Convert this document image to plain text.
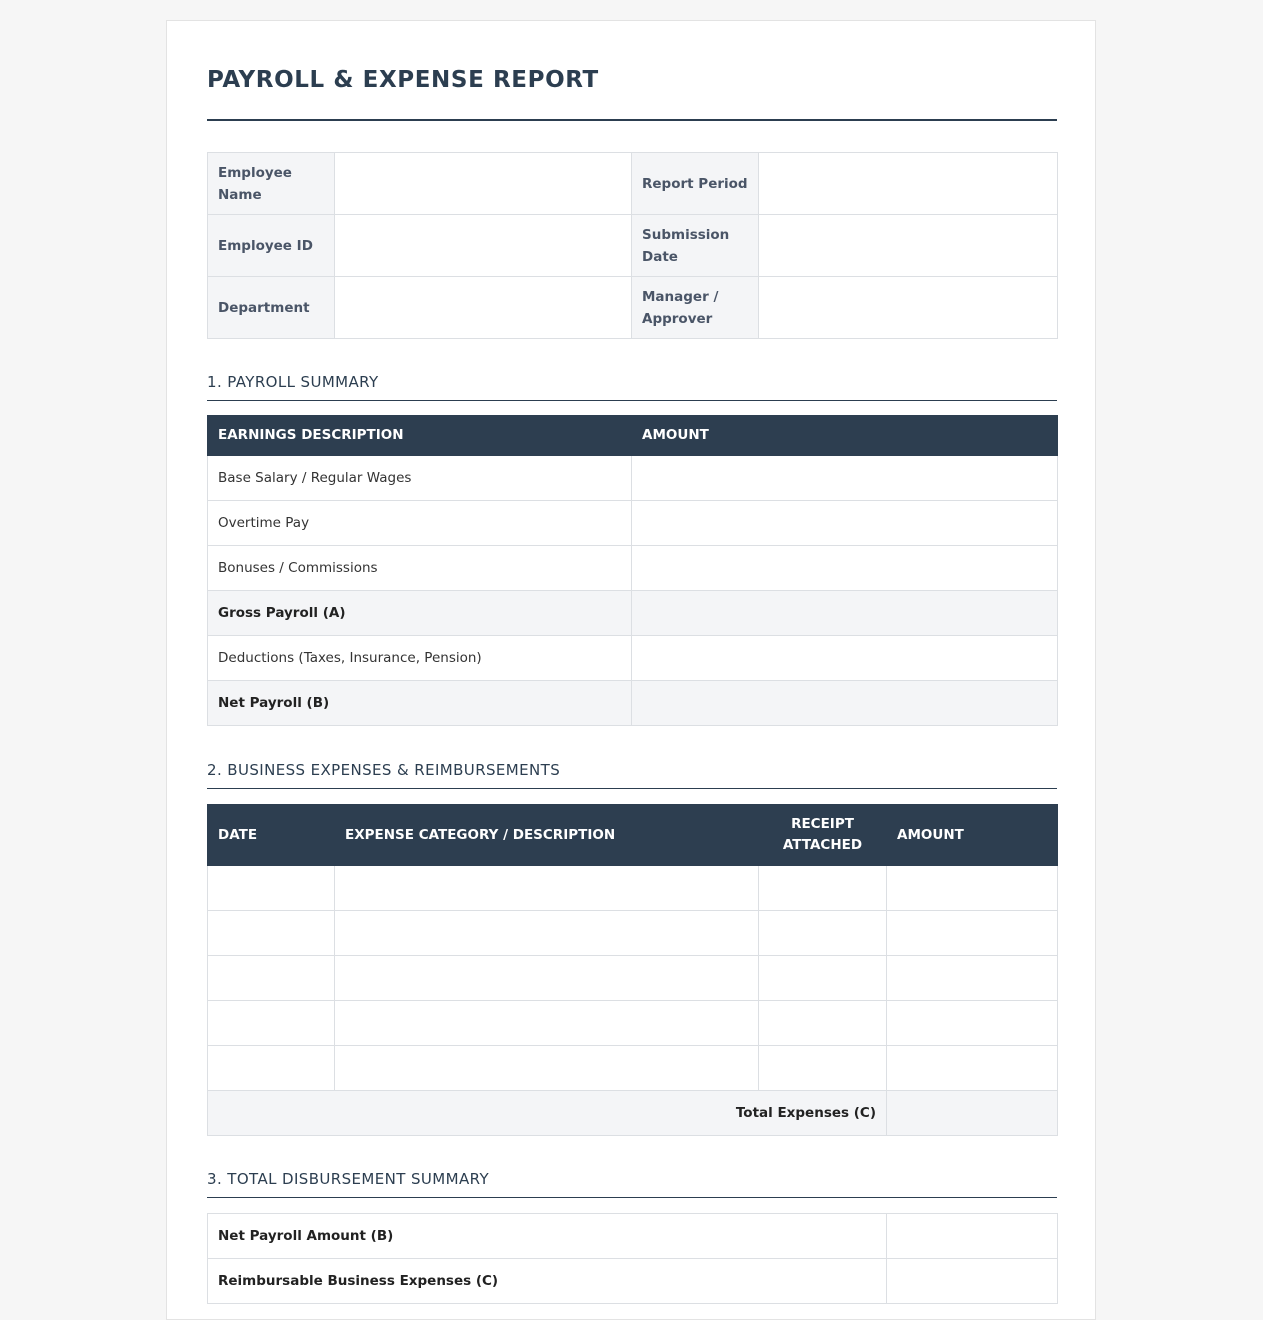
PAYROLL & EXPENSE REPORT
Employee Name		Report Period	
Employee ID		Submission Date	
Department		Manager / Approver	
1. PAYROLL SUMMARY
EARNINGS DESCRIPTION	AMOUNT
Base Salary / Regular Wages	
Overtime Pay	
Bonuses / Commissions	
Gross Payroll (A)	
Deductions (Taxes, Insurance, Pension)	
Net Payroll (B)	
2. BUSINESS EXPENSES & REIMBURSEMENTS
DATE	EXPENSE CATEGORY / DESCRIPTION	RECEIPT ATTACHED	AMOUNT

Total Expenses (C)			
3. TOTAL DISBURSEMENT SUMMARY
Net Payroll Amount (B)	
Reimbursable Business Expenses (C)	
